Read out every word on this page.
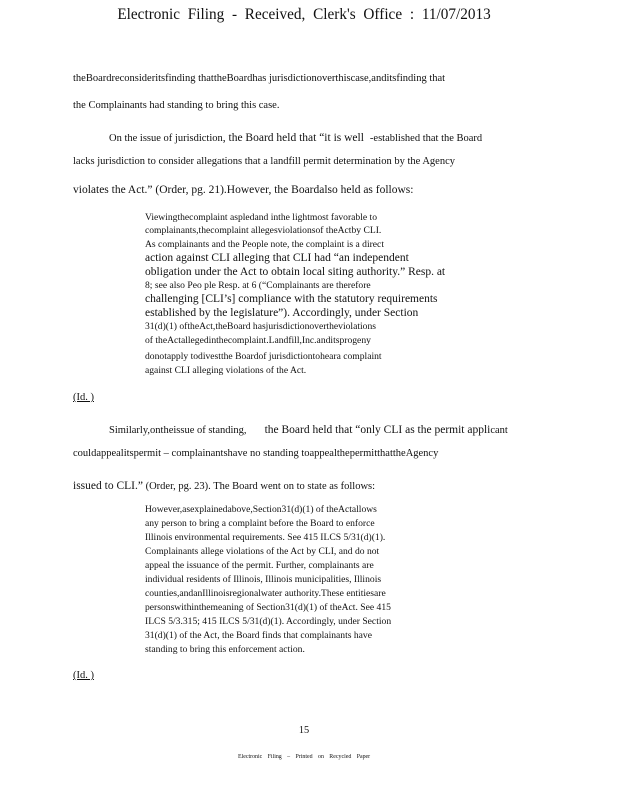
Electronic Filing - Received, Clerk's Office : 11/07/2013
theBoardreconsideritsfinding thattheBoardhas jurisdictionoverthiscase,anditsfinding that
the Complainants had standing to bring this case.
On the issue of jurisdiction, the Board held that “it is well -established that the Board
lacks jurisdiction to consider allegations that a landfill permit determination by the Agency
violates the Act.” (Order, pg. 21).However, the Boardalso held as follows:
Viewingthecomplaint aspledand inthe lightmost favorable to
complainants,thecomplaint allegesviolationsof theActby CLI.
As complainants and the People note, the complaint is a direct
action against CLI alleging that CLI had “an independent
obligation under the Act to obtain local siting authority.” Resp. at
8; see also Peo ple Resp. at 6 (“Complainants are therefore
challenging [CLI’s] compliance with the statutory requirements
established by the legislature”). Accordingly, under Section
31(d)(1) oftheAct,theBoard hasjurisdictionovertheviolations
of theActallegedinthecomplaint.Landfill,Inc.anditsprogeny
donotapply todivestthe Boardof jurisdictiontoheara complaint
against CLI alleging violations of the Act.
(Id. )
Similarly,ontheissue of standing, the Board held that “only CLI as the permit applicant
couldappealitspermit – complainantshave no standing toappealthepermitthattheAgency
issued to CLI.” (Order, pg. 23). The Board went on to state as follows:
However,asexplainedabove,Section31(d)(1) of theActallows
any person to bring a complaint before the Board to enforce
Illinois environmental requirements. See 415 ILCS 5/31(d)(1).
Complainants allege violations of the Act by CLI, and do not
appeal the issuance of the permit. Further, complainants are
individual residents of Illinois, Illinois municipalities, Illinois
counties,andanIllinoisregionalwater authority.These entitiesare
personswithinthemeaning of Section31(d)(1) of theAct. See 415
ILCS 5/3.315; 415 ILCS 5/31(d)(1). Accordingly, under Section
31(d)(1) of the Act, the Board finds that complainants have
standing to bring this enforcement action.
(Id. )
15
Electronic Filing – Printed on Recycled Paper
